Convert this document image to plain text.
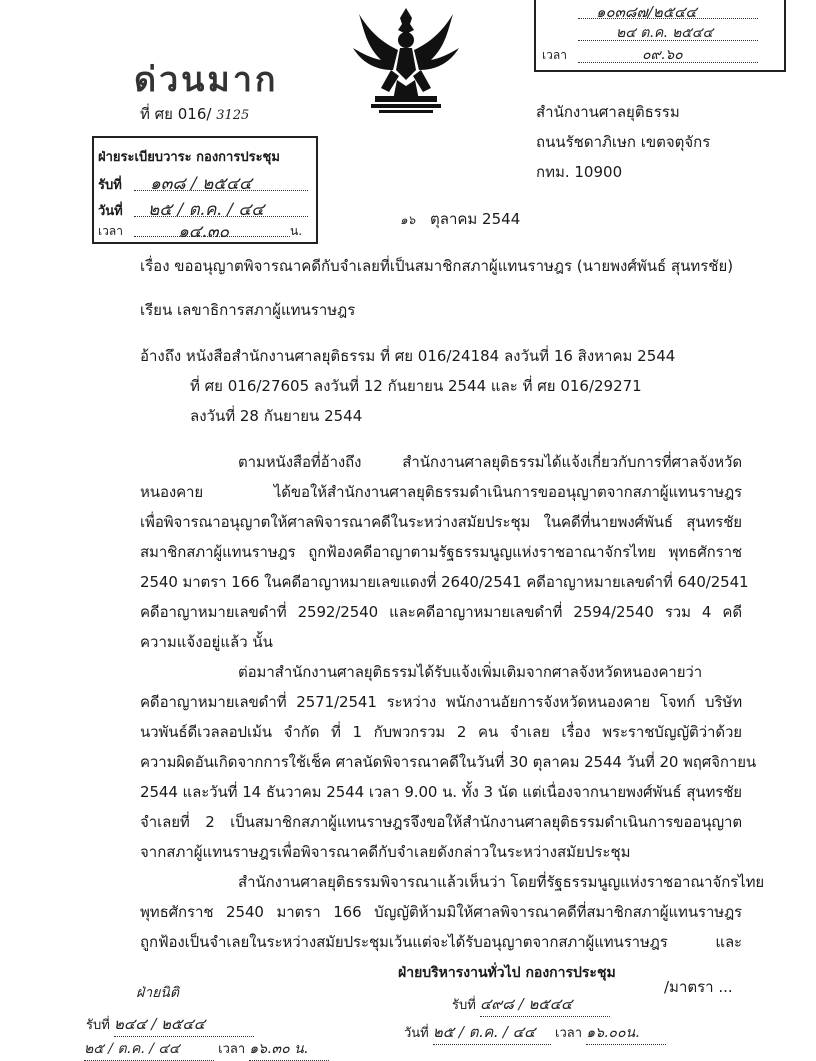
ด่วนมาก
ที่ ศย 016/ 3125
๑๐๓๘๗/๒๕๔๔
๒๔ ต.ค. ๒๕๔๔
เวลา	๐๙.๖๐
สำนักงานศาลยุติธรรม
ถนนรัชดาภิเษก เขตจตุจักร
กทม. 10900
ฝ่ายระเบียบวาระ กองการประชุม
รับที่ ๑๓๘ / ๒๕๔๔
วันที่ ๒๕ / ต.ค. / ๔๔
เวลา	๑๔.๓๐	น.
๑๖ ตุลาคม 2544
เรื่อง ขออนุญาตพิจารณาคดีกับจำเลยที่เป็นสมาชิกสภาผู้แทนราษฎร (นายพงศ์พันธ์ สุนทรชัย)
เรียน เลขาธิการสภาผู้แทนราษฎร
อ้างถึง หนังสือสำนักงานศาลยุติธรรม ที่ ศย 016/24184 ลงวันที่ 16 สิงหาคม 2544
ที่ ศย 016/27605 ลงวันที่ 12 กันยายน 2544 และ ที่ ศย 016/29271
ลงวันที่ 28 กันยายน 2544
ตามหนังสือที่อ้างถึง สำนักงานศาลยุติธรรมได้แจ้งเกี่ยวกับการที่ศาลจังหวัด
หนองคาย ได้ขอให้สำนักงานศาลยุติธรรมดำเนินการขออนุญาตจากสภาผู้แทนราษฎร
เพื่อพิจารณาอนุญาตให้ศาลพิจารณาคดีในระหว่างสมัยประชุม ในคดีที่นายพงศ์พันธ์ สุนทรชัย
สมาชิกสภาผู้แทนราษฎร ถูกฟ้องคดีอาญาตามรัฐธรรมนูญแห่งราชอาณาจักรไทย พุทธศักราช
2540 มาตรา 166 ในคดีอาญาหมายเลขแดงที่ 2640/2541 คดีอาญาหมายเลขดำที่ 640/2541
คดีอาญาหมายเลขดำที่ 2592/2540 และคดีอาญาหมายเลขดำที่ 2594/2540 รวม 4 คดี
ความแจ้งอยู่แล้ว นั้น
ต่อมาสำนักงานศาลยุติธรรมได้รับแจ้งเพิ่มเติมจากศาลจังหวัดหนองคายว่า
คดีอาญาหมายเลขดำที่ 2571/2541 ระหว่าง พนักงานอัยการจังหวัดหนองคาย โจทก์ บริษัท
นวพันธ์ดีเวลลอปเม้น จำกัด ที่ 1 กับพวกรวม 2 คน จำเลย เรื่อง พระราชบัญญัติว่าด้วย
ความผิดอันเกิดจากการใช้เช็ค ศาลนัดพิจารณาคดีในวันที่ 30 ตุลาคม 2544 วันที่ 20 พฤศจิกายน
2544 และวันที่ 14 ธันวาคม 2544 เวลา 9.00 น. ทั้ง 3 นัด แต่เนื่องจากนายพงศ์พันธ์ สุนทรชัย
จำเลยที่ 2 เป็นสมาชิกสภาผู้แทนราษฎรจึงขอให้สำนักงานศาลยุติธรรมดำเนินการขออนุญาต
จากสภาผู้แทนราษฎรเพื่อพิจารณาคดีกับจำเลยดังกล่าวในระหว่างสมัยประชุม
สำนักงานศาลยุติธรรมพิจารณาแล้วเห็นว่า โดยที่รัฐธรรมนูญแห่งราชอาณาจักรไทย
พุทธศักราช 2540 มาตรา 166 บัญญัติห้ามมิให้ศาลพิจารณาคดีที่สมาชิกสภาผู้แทนราษฎร
ถูกฟ้องเป็นจำเลยในระหว่างสมัยประชุมเว้นแต่จะได้รับอนุญาตจากสภาผู้แทนราษฎร และ
ฝ่ายบริหารงานทั่วไป กองการประชุม
/มาตรา ...
รับที่ ๔๙๘ / ๒๕๔๔
วันที่ ๒๕ / ต.ค. / ๔๔ เวลา ๑๖.๐๐น.
ฝ่ายนิติ
รับที่ ๒๔๔ / ๒๕๔๔
๒๕ / ต.ค. / ๔๔	เวลา ๑๖.๓๐ น.
